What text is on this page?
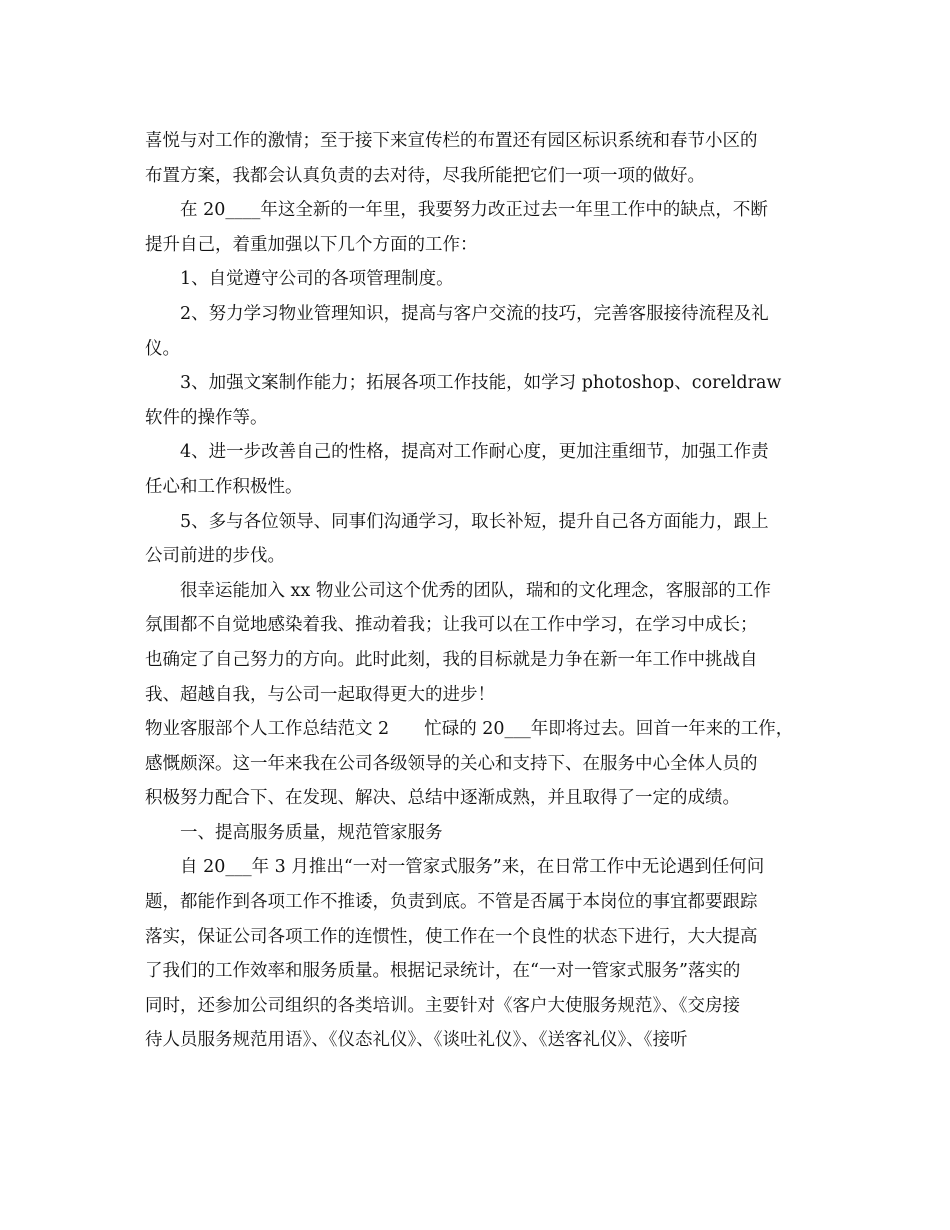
喜悦与对工作的激情；至于接下来宣传栏的布置还有园区标识系统和春节小区的
布置方案，我都会认真负责的去对待，尽我所能把它们一项一项的做好。
在 20____年这全新的一年里，我要努力改正过去一年里工作中的缺点，不断
提升自己，着重加强以下几个方面的工作：
1、自觉遵守公司的各项管理制度。
2、努力学习物业管理知识，提高与客户交流的技巧，完善客服接待流程及礼
仪。
3、加强文案制作能力；拓展各项工作技能，如学习 photoshop、coreldraw
软件的操作等。
4、进一步改善自己的性格，提高对工作耐心度，更加注重细节，加强工作责
任心和工作积极性。
5、多与各位领导、同事们沟通学习，取长补短，提升自己各方面能力，跟上
公司前进的步伐。
很幸运能加入 xx 物业公司这个优秀的团队，瑞和的文化理念，客服部的工作
氛围都不自觉地感染着我、推动着我；让我可以在工作中学习，在学习中成长；
也确定了自己努力的方向。此时此刻，我的目标就是力争在新一年工作中挑战自
我、超越自我，与公司一起取得更大的进步！
物业客服部个人工作总结范文 2　　忙碌的 20___年即将过去。回首一年来的工作，
感慨颇深。这一年来我在公司各级领导的关心和支持下、在服务中心全体人员的
积极努力配合下、在发现、解决、总结中逐渐成熟，并且取得了一定的成绩。
一、提高服务质量，规范管家服务
自 20___年 3 月推出“一对一管家式服务”来，在日常工作中无论遇到任何问
题，都能作到各项工作不推诿，负责到底。不管是否属于本岗位的事宜都要跟踪
落实，保证公司各项工作的连惯性，使工作在一个良性的状态下进行，大大提高
了我们的工作效率和服务质量。根据记录统计，在“一对一管家式服务”落实的
同时，还参加公司组织的各类培训。主要针对《客户大使服务规范》、《交房接
待人员服务规范用语》、《仪态礼仪》、《谈吐礼仪》、《送客礼仪》、《接听
